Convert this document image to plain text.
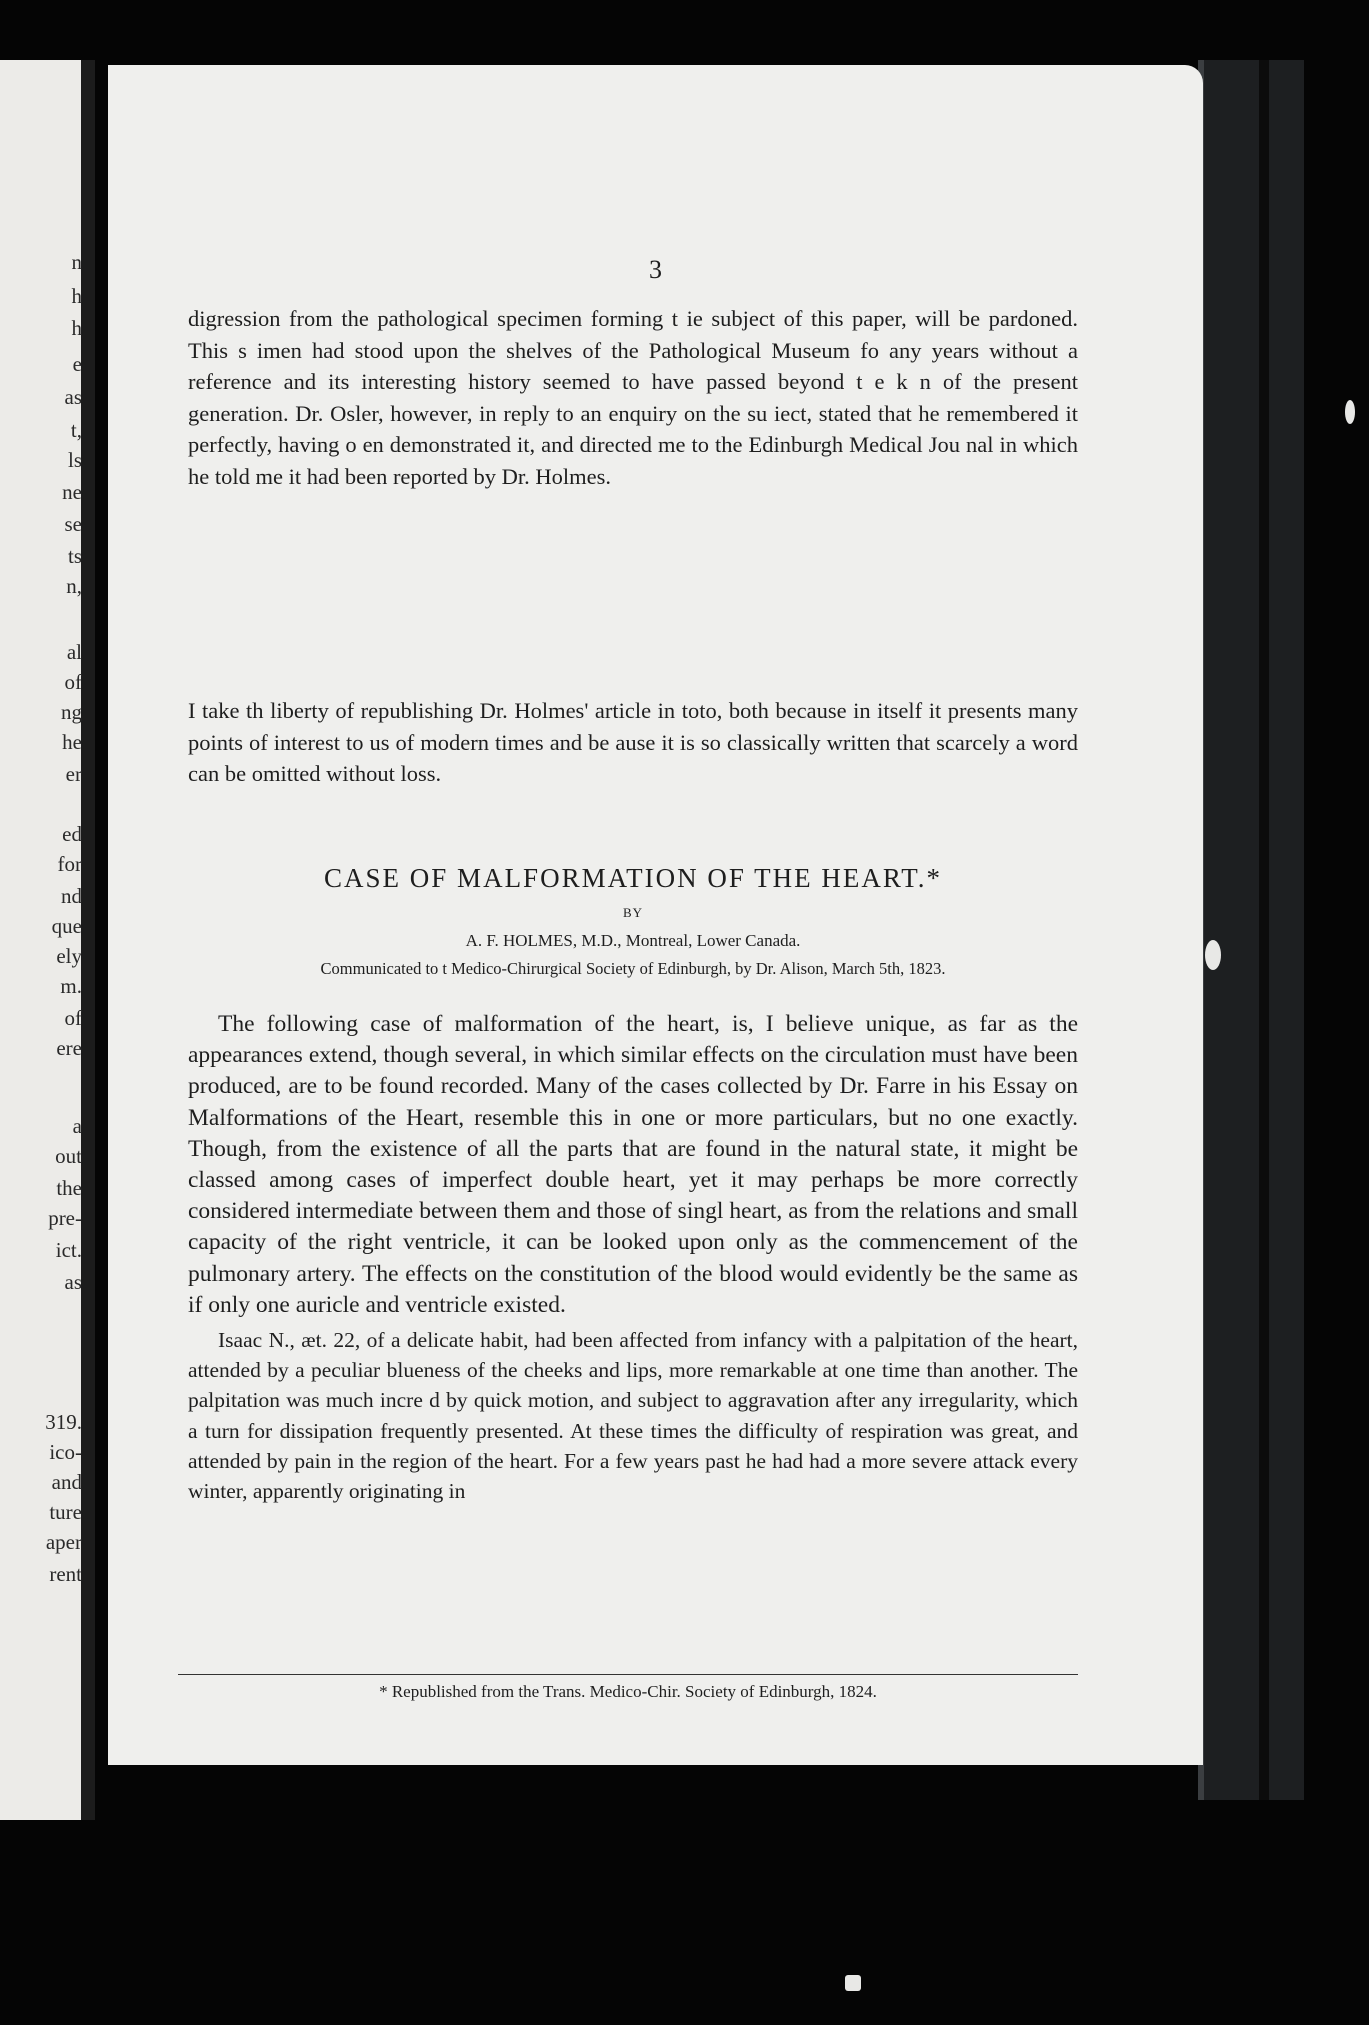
n
h
h
e
as
t,
ls
ne
se
ts
n,
al
of
ng
he
er
ed
for
nd
que
ely
m.
of
ere
a
out
the
pre-
ict.
as
319.
ico-
and
ture
aper
rent
3

digression from the pathological specimen forming t ie subject of this paper, will be pardoned. This s imen had stood upon the shelves of the Pathological Museum fo any years without a reference and its interesting history seemed to have passed beyond t e k n of the present generation. Dr. Osler, however, in reply to an enquiry on the su iect, stated that he remembered it perfectly, having o en demonstrated it, and directed me to the Edinburgh Medical Jou nal in which he told me it had been reported by Dr. Holmes.

I take th liberty of republishing Dr. Holmes' article in toto, both because in itself it presents many points of interest to us of modern times and be ause it is so classically written that scarcely a word can be omitted without loss.

CASE OF MALFORMATION OF THE HEART.*
BY
A. F. HOLMES, M.D., Montreal, Lower Canada.
Communicated to t Medico-Chirurgical Society of Edinburgh, by Dr. Alison, March 5th, 1823.

The following case of malformation of the heart, is, I believe unique, as far as the appearances extend, though several, in which similar effects on the circulation must have been produced, are to be found recorded. Many of the cases collected by Dr. Farre in his Essay on Malformations of the Heart, resemble this in one or more particulars, but no one exactly. Though, from the existence of all the parts that are found in the natural state, it might be classed among cases of imperfect double heart, yet it may perhaps be more correctly considered intermediate between them and those of singl heart, as from the relations and small capacity of the right ventricle, it can be looked upon only as the commencement of the pulmonary artery. The effects on the constitution of the blood would evidently be the same as if only one auricle and ventricle existed.

Isaac N., æt. 22, of a delicate habit, had been affected from infancy with a palpitation of the heart, attended by a peculiar blueness of the cheeks and lips, more remarkable at one time than another. The palpitation was much incre d by quick motion, and subject to aggravation after any irregularity, which a turn for dissipation frequently presented. At these times the difficulty of respiration was great, and attended by pain in the region of the heart. For a few years past he had had a more severe attack every winter, apparently originating in

* Republished from the Trans. Medico-Chir. Society of Edinburgh, 1824.
